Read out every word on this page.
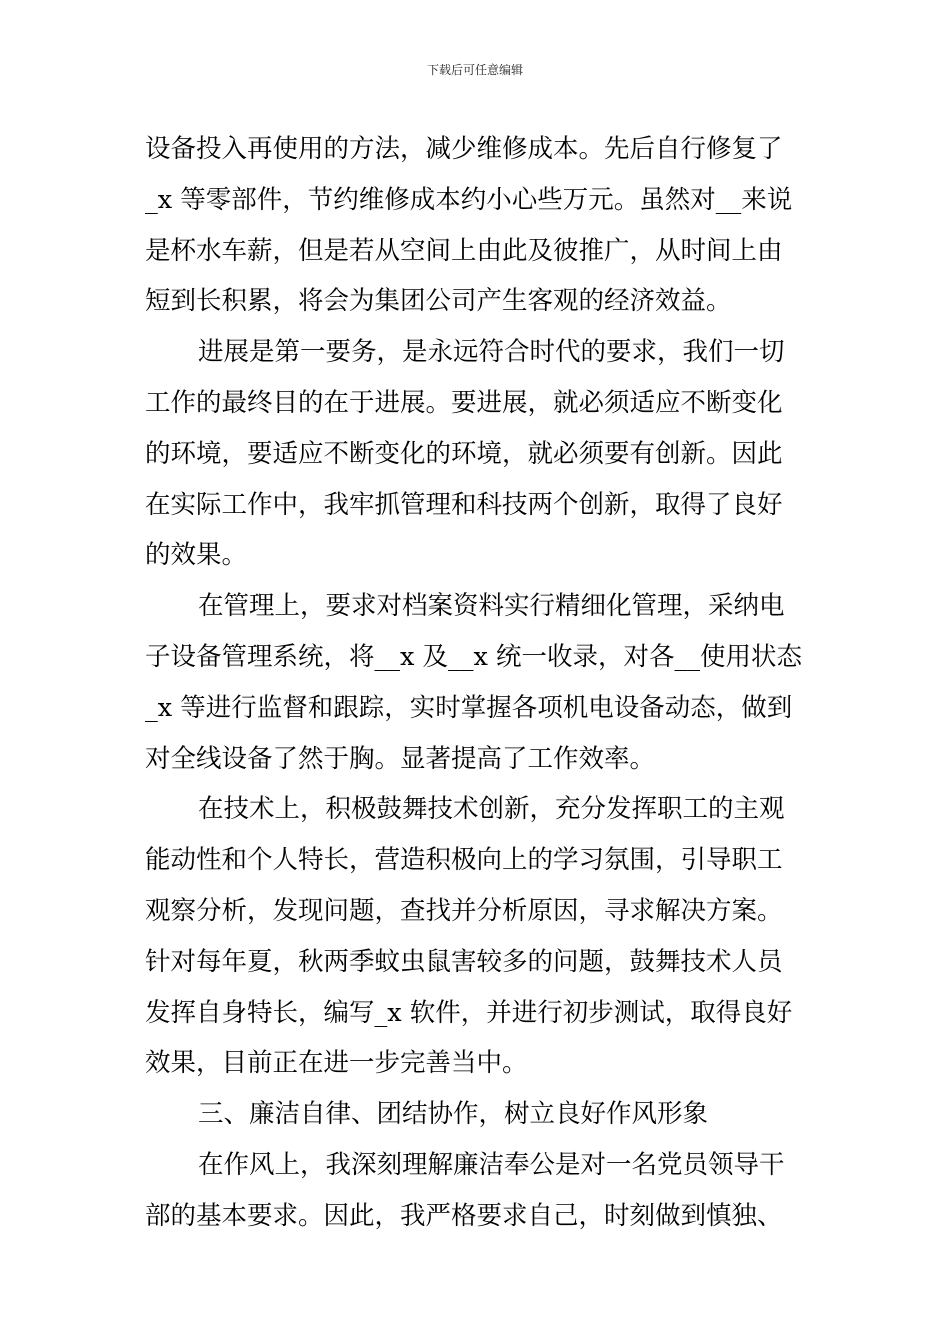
下载后可任意编辑
设备投入再使用的方法，减少维修成本。先后自行修复了
_x 等零部件，节约维修成本约小心些万元。虽然对__来说
是杯水车薪，但是若从空间上由此及彼推广，从时间上由
短到长积累，将会为集团公司产生客观的经济效益。
进展是第一要务，是永远符合时代的要求，我们一切
工作的最终目的在于进展。要进展，就必须适应不断变化
的环境，要适应不断变化的环境，就必须要有创新。因此
在实际工作中，我牢抓管理和科技两个创新，取得了良好
的效果。
在管理上，要求对档案资料实行精细化管理，采纳电
子设备管理系统，将__x 及__x 统一收录，对各__使用状态
_x 等进行监督和跟踪，实时掌握各项机电设备动态，做到
对全线设备了然于胸。显著提高了工作效率。
在技术上，积极鼓舞技术创新，充分发挥职工的主观
能动性和个人特长，营造积极向上的学习氛围，引导职工
观察分析，发现问题，查找并分析原因，寻求解决方案。
针对每年夏，秋两季蚊虫鼠害较多的问题，鼓舞技术人员
发挥自身特长，编写_x 软件，并进行初步测试，取得良好
效果，目前正在进一步完善当中。
三、廉洁自律、团结协作，树立良好作风形象
在作风上，我深刻理解廉洁奉公是对一名党员领导干
部的基本要求。因此，我严格要求自己，时刻做到慎独、
